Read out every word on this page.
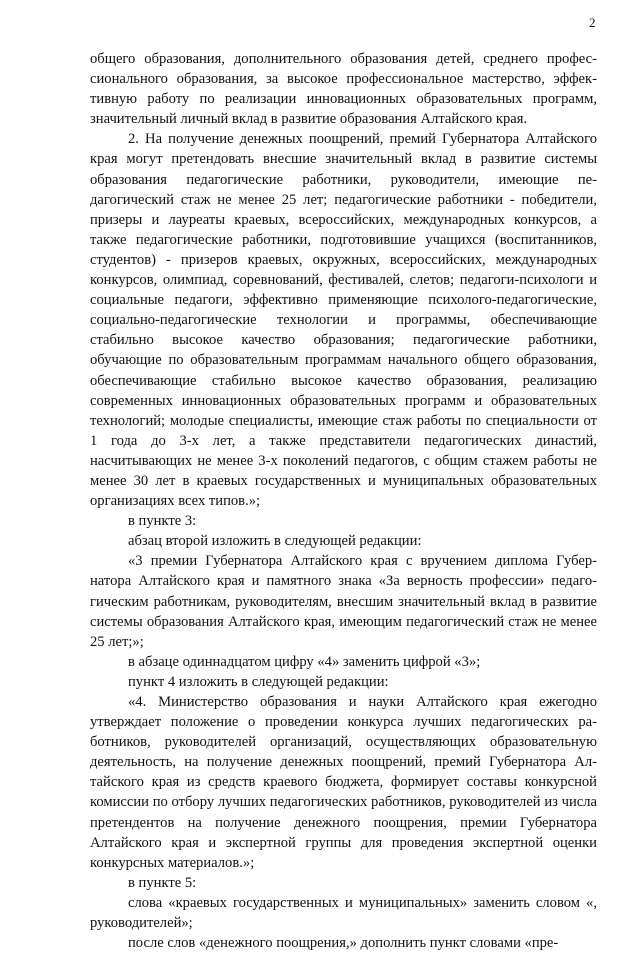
2

общего образования, дополнительного образования детей, среднего профессионального образования, за высокое профессиональное мастерство, эффективную работу по реализации инновационных образовательных программ, значительный личный вклад в развитие образования Алтайского края.

2. На получение денежных поощрений, премий Губернатора Алтайского края могут претендовать внесшие значительный вклад в развитие системы образования педагогические работники, руководители, имеющие педагогический стаж не менее 25 лет; педагогические работники - победители, призеры и лауреаты краевых, всероссийских, международных конкурсов, а также педагогические работники, подготовившие учащихся (воспитанников, студентов) - призеров краевых, окружных, всероссийских, международных конкурсов, олимпиад, соревнований, фестивалей, слетов; педагоги-психологи и социальные педагоги, эффективно применяющие психолого-педагогические, социально-педагогические технологии и программы, обеспечивающие стабильно высокое качество образования; педагогические работники, обучающие по образовательным программам начального общего образования, обеспечивающие стабильно высокое качество образования, реализацию современных инновационных образовательных программ и образовательных технологий; молодые специалисты, имеющие стаж работы по специальности от 1 года до 3-х лет, а также представители педагогических династий, насчитывающих не менее 3-х поколений педагогов, с общим стажем работы не менее 30 лет в краевых государственных и муниципальных образовательных организациях всех типов.»;

в пункте 3:

абзац второй изложить в следующей редакции:

«3 премии Губернатора Алтайского края с вручением диплома Губернатора Алтайского края и памятного знака «За верность профессии» педагогическим работникам, руководителям, внесшим значительный вклад в развитие системы образования Алтайского края, имеющим педагогический стаж не менее 25 лет;»;

в абзаце одиннадцатом цифру «4» заменить цифрой «3»;

пункт 4 изложить в следующей редакции:

«4. Министерство образования и науки Алтайского края ежегодно утверждает положение о проведении конкурса лучших педагогических работников, руководителей организаций, осуществляющих образовательную деятельность, на получение денежных поощрений, премий Губернатора Алтайского края из средств краевого бюджета, формирует составы конкурсной комиссии по отбору лучших педагогических работников, руководителей из числа претендентов на получение денежного поощрения, премии Губернатора Алтайского края и экспертной группы для проведения экспертной оценки конкурсных материалов.»;

в пункте 5:

слова «краевых государственных и муниципальных» заменить словом «, руководителей»;

после слов «денежного поощрения,» дополнить пункт словами «пре-
